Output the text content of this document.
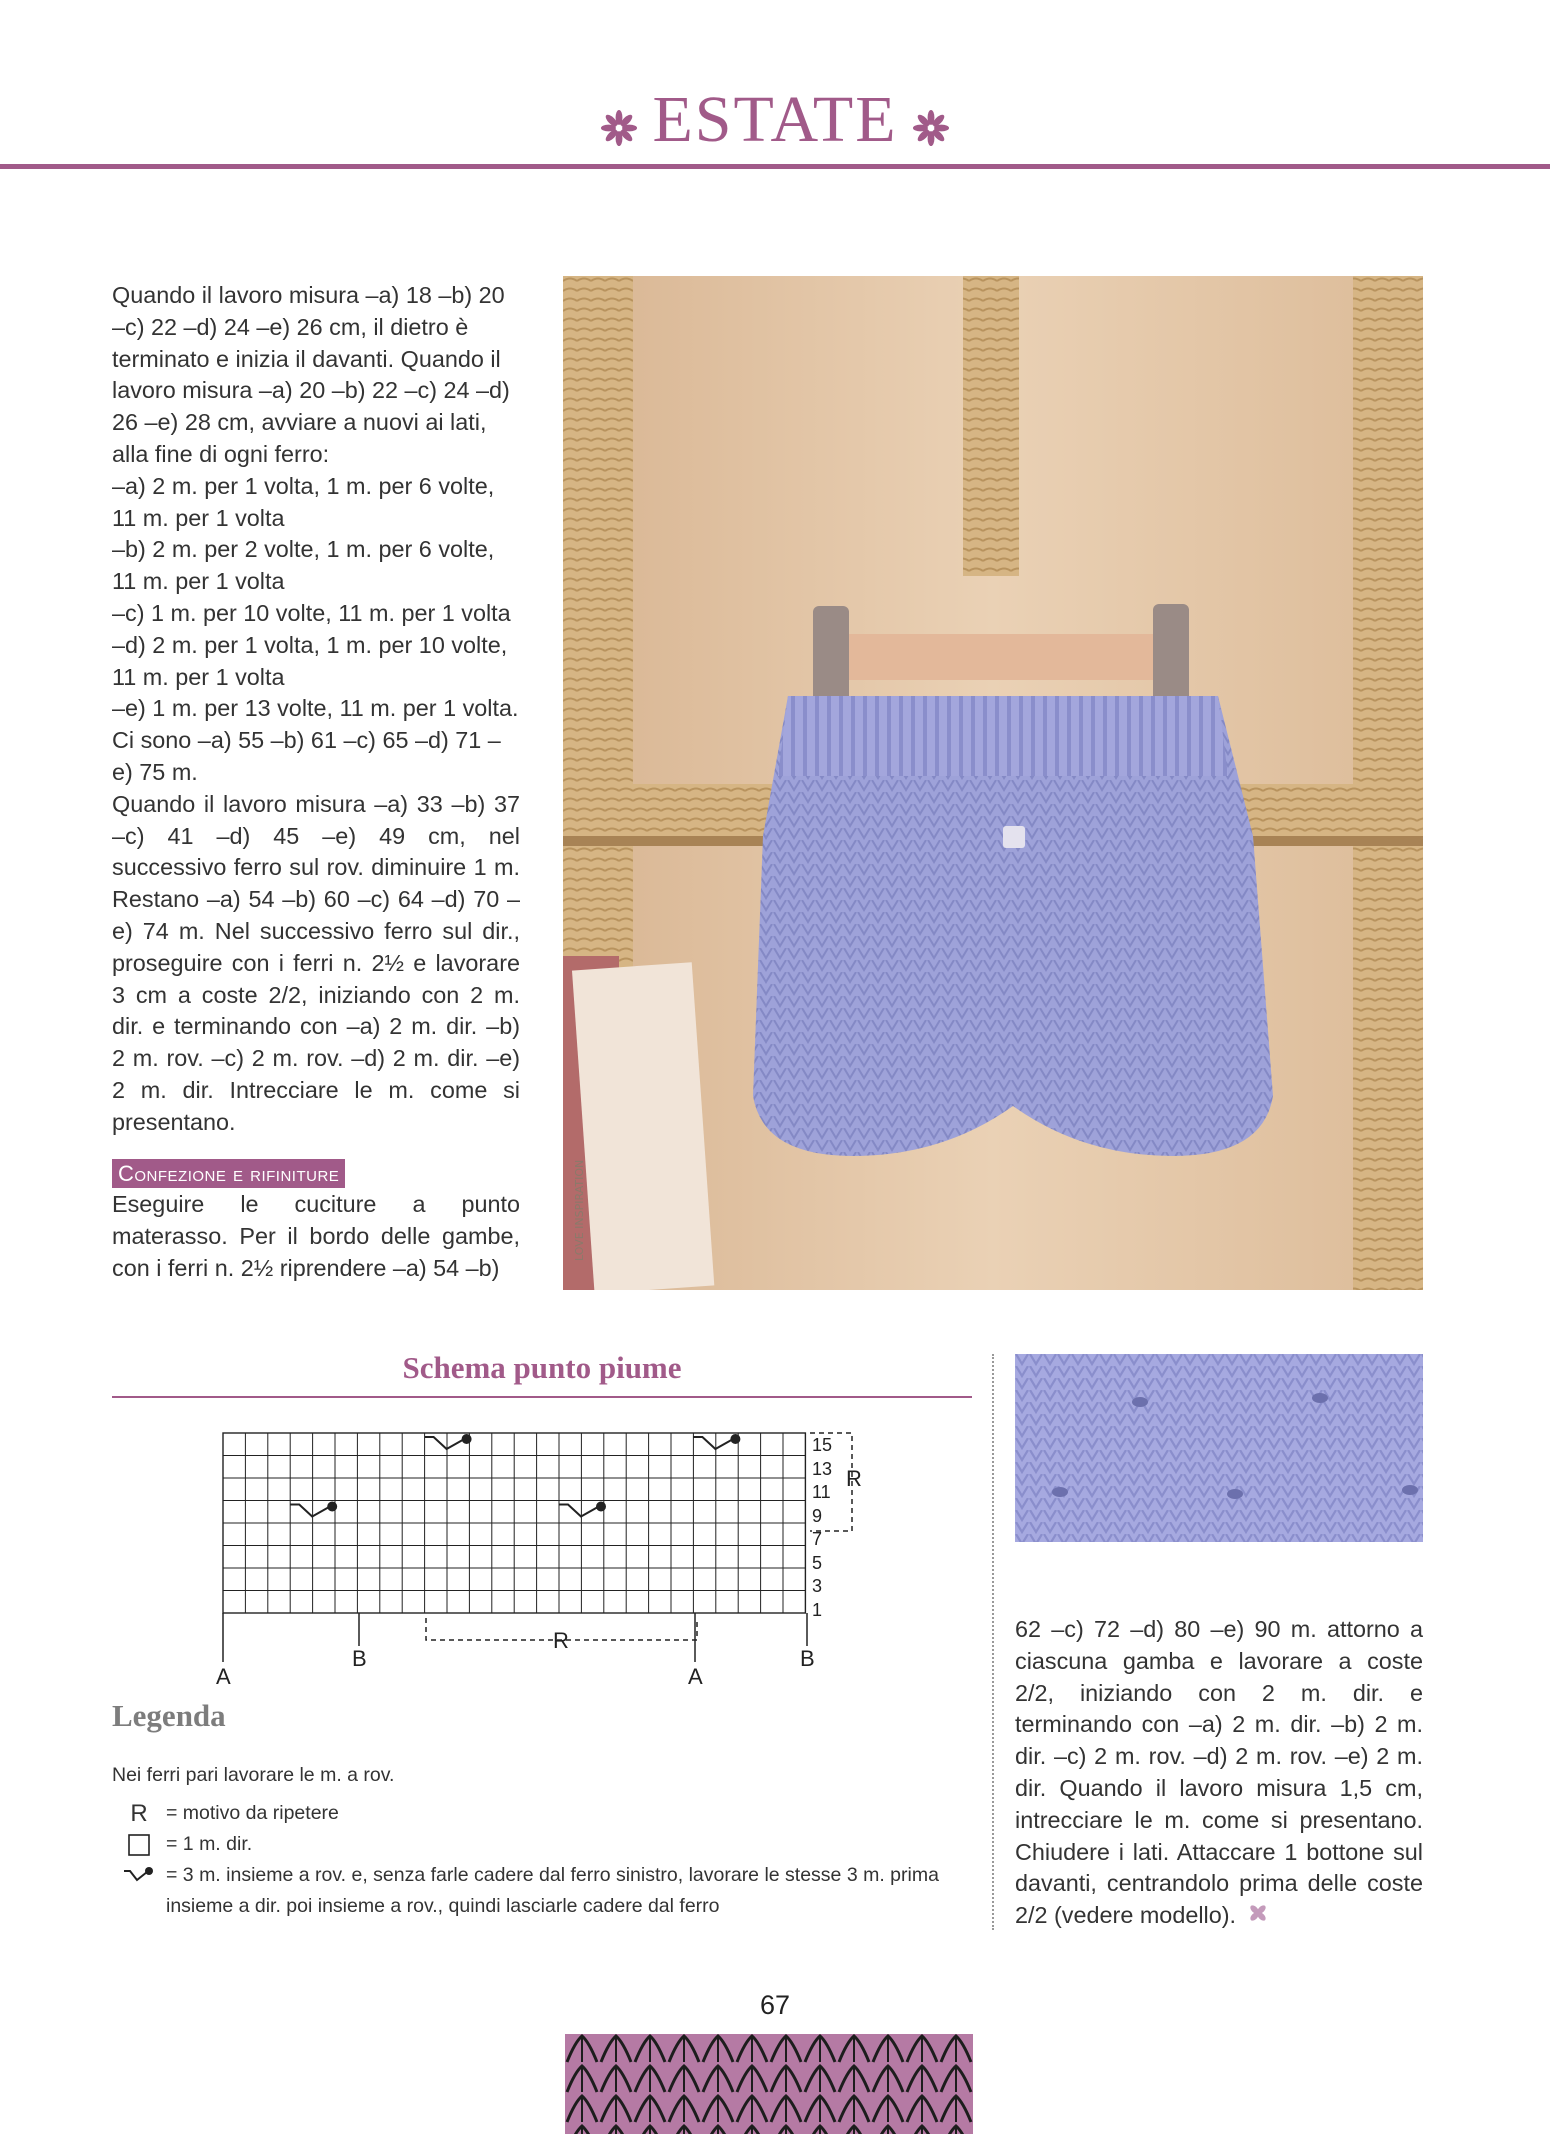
ESTATE

Quando il lavoro misura –a) 18 –b) 20 –c) 22 –d) 24 –e) 26 cm, il dietro è terminato e inizia il davanti. Quando il lavoro misura –a) 20 –b) 22 –c) 24 –d) 26 –e) 28 cm, avviare a nuovi ai lati, alla fine di ogni ferro:

–a) 2 m. per 1 volta, 1 m. per 6 volte, 11 m. per 1 volta

–b) 2 m. per 2 volte, 1 m. per 6 volte, 11 m. per 1 volta

–c) 1 m. per 10 volte, 11 m. per 1 volta

–d) 2 m. per 1 volta, 1 m. per 10 volte, 11 m. per 1 volta

–e) 1 m. per 13 volte, 11 m. per 1 volta. Ci sono –a) 55 –b) 61 –c) 65 –d) 71 –e) 75 m.

Quando il lavoro misura –a) 33 –b) 37 –c) 41 –d) 45 –e) 49 cm, nel successivo ferro sul rov. diminuire 1 m. Restano –a) 54 –b) 60 –c) 64 –d) 70 –e) 74 m. Nel successivo ferro sul dir., proseguire con i ferri n. 2½ e lavorare 3 cm a coste 2/2, iniziando con 2 m. dir. e terminando con –a) 2 m. dir. –b) 2 m. rov. –c) 2 m. rov. –d) 2 m. dir. –e) 2 m. dir. Intrecciare le m. come si presentano.

Confezione e rifiniture

Eseguire le cuciture a punto materasso. Per il bordo delle gambe, con i ferri n. 2½ riprendere –a) 54 –b)

LOVE INSPIRATION
Schema punto piume
15
13
11
9
7
5
3
1
R
R
A
B
A
B
Legenda
Nei ferri pari lavorare le m. a rov.
R = motivo da ripetere
= 1 m. dir.
= 3 m. insieme a rov. e, senza farle cadere dal ferro sinistro, lavorare le stesse 3 m. prima insieme a dir. poi insieme a rov., quindi lasciarle cadere dal ferro
62 –c) 72 –d) 80 –e) 90 m. attorno a ciascuna gamba e lavorare a coste 2/2, iniziando con 2 m. dir. e terminando con –a) 2 m. dir. –b) 2 m. dir. –c) 2 m. rov. –d) 2 m. rov. –e) 2 m. dir. Quando il lavoro misura 1,5 cm, intrecciare le m. come si presentano. Chiudere i lati. Attaccare 1 bottone sul davanti, centrandolo prima delle coste 2/2 (vedere modello).
67
